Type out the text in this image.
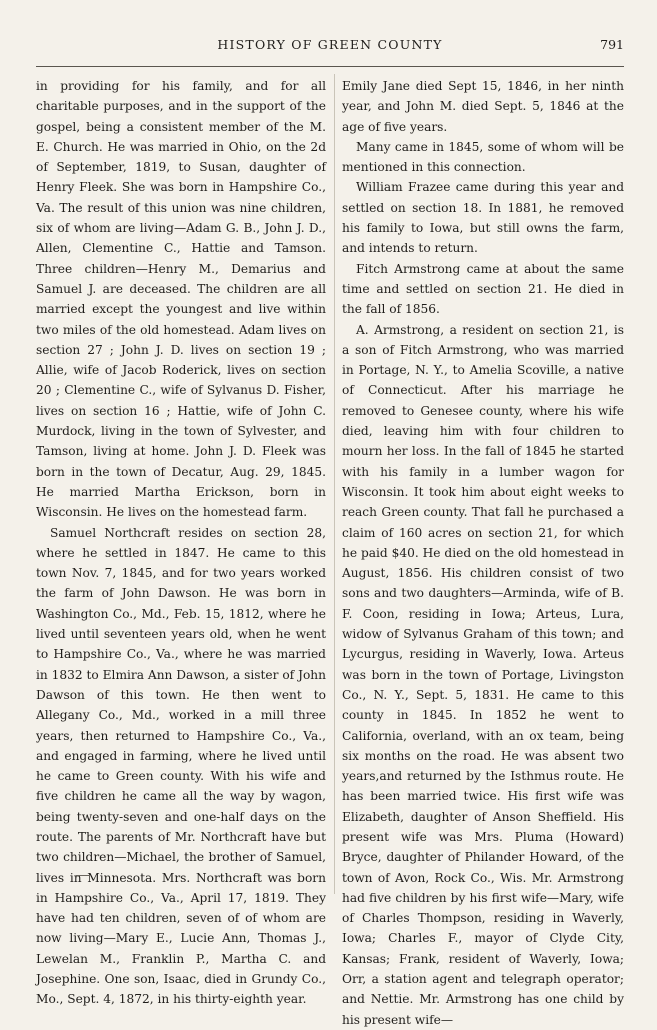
HISTORY OF GREEN COUNTY	791

in providing for his family, and for all charitable purposes, and in the support of the gospel, being a consistent member of the M. E. Church. He was married in Ohio, on the 2d of September, 1819, to Susan, daughter of Henry Fleek. She was born in Hampshire Co., Va. The result of this union was nine children, six of whom are living—Adam G. B., John J. D., Allen, Clementine C., Hattie and Tamson. Three children—Henry M., Demarius and Samuel J. are deceased. The children are all married except the youngest and live within two miles of the old homestead. Adam lives on section 27 ; John J. D. lives on section 19 ; Allie, wife of Jacob Roderick, lives on section 20 ; Clementine C., wife of Sylvanus D. Fisher, lives on section 16 ; Hattie, wife of John C. Murdock, living in the town of Sylvester, and Tamson, living at home. John J. D. Fleek was born in the town of Decatur, Aug. 29, 1845. He married Martha Erickson, born in Wisconsin. He lives on the homestead farm.

Samuel Northcraft resides on section 28, where he settled in 1847. He came to this town Nov. 7, 1845, and for two years worked the farm of John Dawson. He was born in Washington Co., Md., Feb. 15, 1812, where he lived until seventeen years old, when he went to Hampshire Co., Va., where he was married in 1832 to Elmira Ann Dawson, a sister of John Dawson of this town. He then went to Allegany Co., Md., worked in a mill three years, then returned to Hampshire Co., Va., and engaged in farming, where he lived until he came to Green county. With his wife and five children he came all the way by wagon, being twenty-seven and one-half days on the route. The parents of Mr. Northcraft have but two children—Michael, the brother of Samuel, lives in Minnesota. Mrs. Northcraft was born in Hampshire Co., Va., April 17, 1819. They have had ten children, seven of of whom are now living—Mary E., Lucie Ann, Thomas J., Lewelan M., Franklin P., Martha C. and Josephine. One son, Isaac, died in Grundy Co., Mo., Sept. 4, 1872, in his thirty-eighth year.

Emily Jane died Sept 15, 1846, in her ninth year, and John M. died Sept. 5, 1846 at the age of five years.

Many came in 1845, some of whom will be mentioned in this connection.

William Frazee came during this year and settled on section 18. In 1881, he removed his family to Iowa, but still owns the farm, and intends to return.

Fitch Armstrong came at about the same time and settled on section 21. He died in the fall of 1856.

A. Armstrong, a resident on section 21, is a son of Fitch Armstrong, who was married in Portage, N. Y., to Amelia Scoville, a native of Connecticut. After his marriage he removed to Genesee county, where his wife died, leaving him with four children to mourn her loss. In the fall of 1845 he started with his family in a lumber wagon for Wisconsin. It took him about eight weeks to reach Green county. That fall he purchased a claim of 160 acres on section 21, for which he paid $40. He died on the old homestead in August, 1856. His children consist of two sons and two daughters—Arminda, wife of B. F. Coon, residing in Iowa; Arteus, Lura, widow of Sylvanus Graham of this town; and Lycurgus, residing in Waverly, Iowa. Arteus was born in the town of Portage, Livingston Co., N. Y., Sept. 5, 1831. He came to this county in 1845. In 1852 he went to California, overland, with an ox team, being six months on the road. He was absent two years,and returned by the Isthmus route. He has been married twice. His first wife was Elizabeth, daughter of Anson Sheffield. His present wife was Mrs. Pluma (Howard) Bryce, daughter of Philander Howard, of the town of Avon, Rock Co., Wis. Mr. Armstrong had five children by his first wife—Mary, wife of Charles Thompson, residing in Waverly, Iowa; Charles F., mayor of Clyde City, Kansas; Frank, resident of Waverly, Iowa; Orr, a station agent and telegraph operator; and Nettie. Mr. Armstrong has one child by his present wife—
